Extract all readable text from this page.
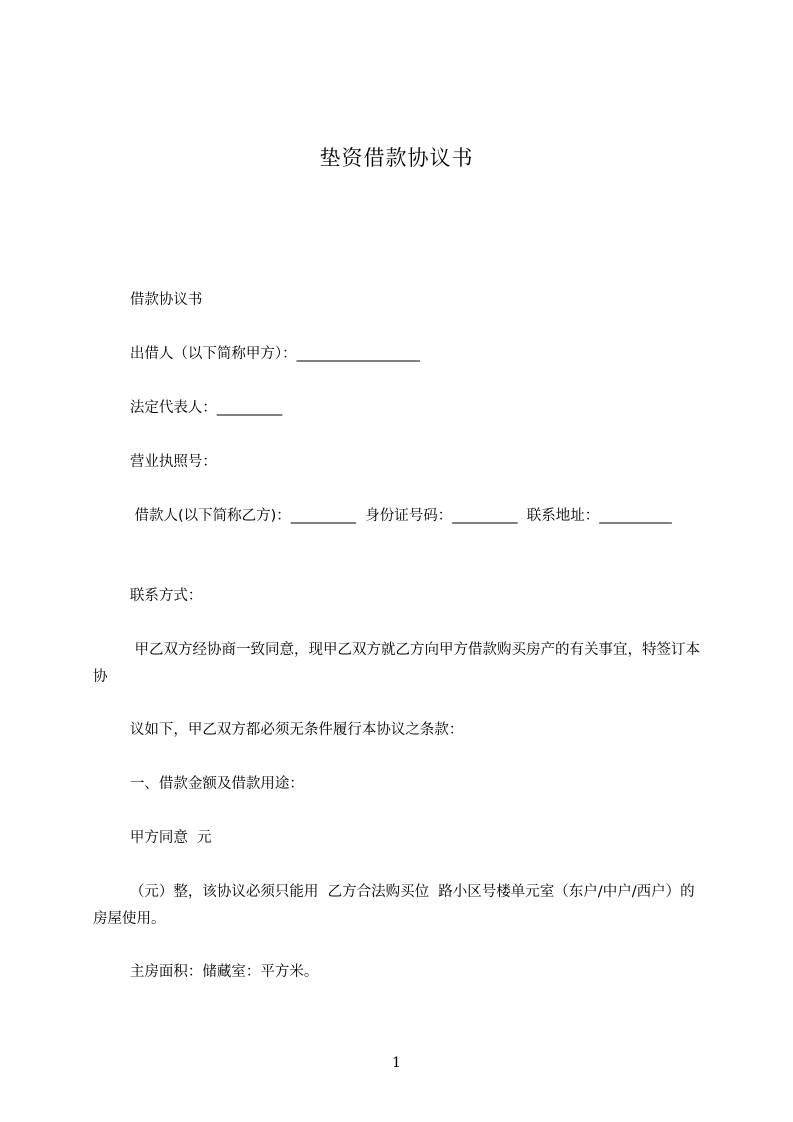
垫资借款协议书
借款协议书
出借人（以下简称甲方）：_________________
法定代表人：_________
营业执照号：
借款人(以下简称乙方)：_________  身份证号码：_________  联系地址：__________
联系方式：
甲乙双方经协商一致同意，现甲乙双方就乙方向甲方借款购买房产的有关事宜，特签订本协
议如下，甲乙双方都必须无条件履行本协议之条款：
一、借款金额及借款用途：
甲方同意  元
（元）整，该协议必须只能用  乙方合法购买位  路小区号楼单元室（东户/中户/西户）的房屋使用。
主房面积：储藏室：平方米。
1
